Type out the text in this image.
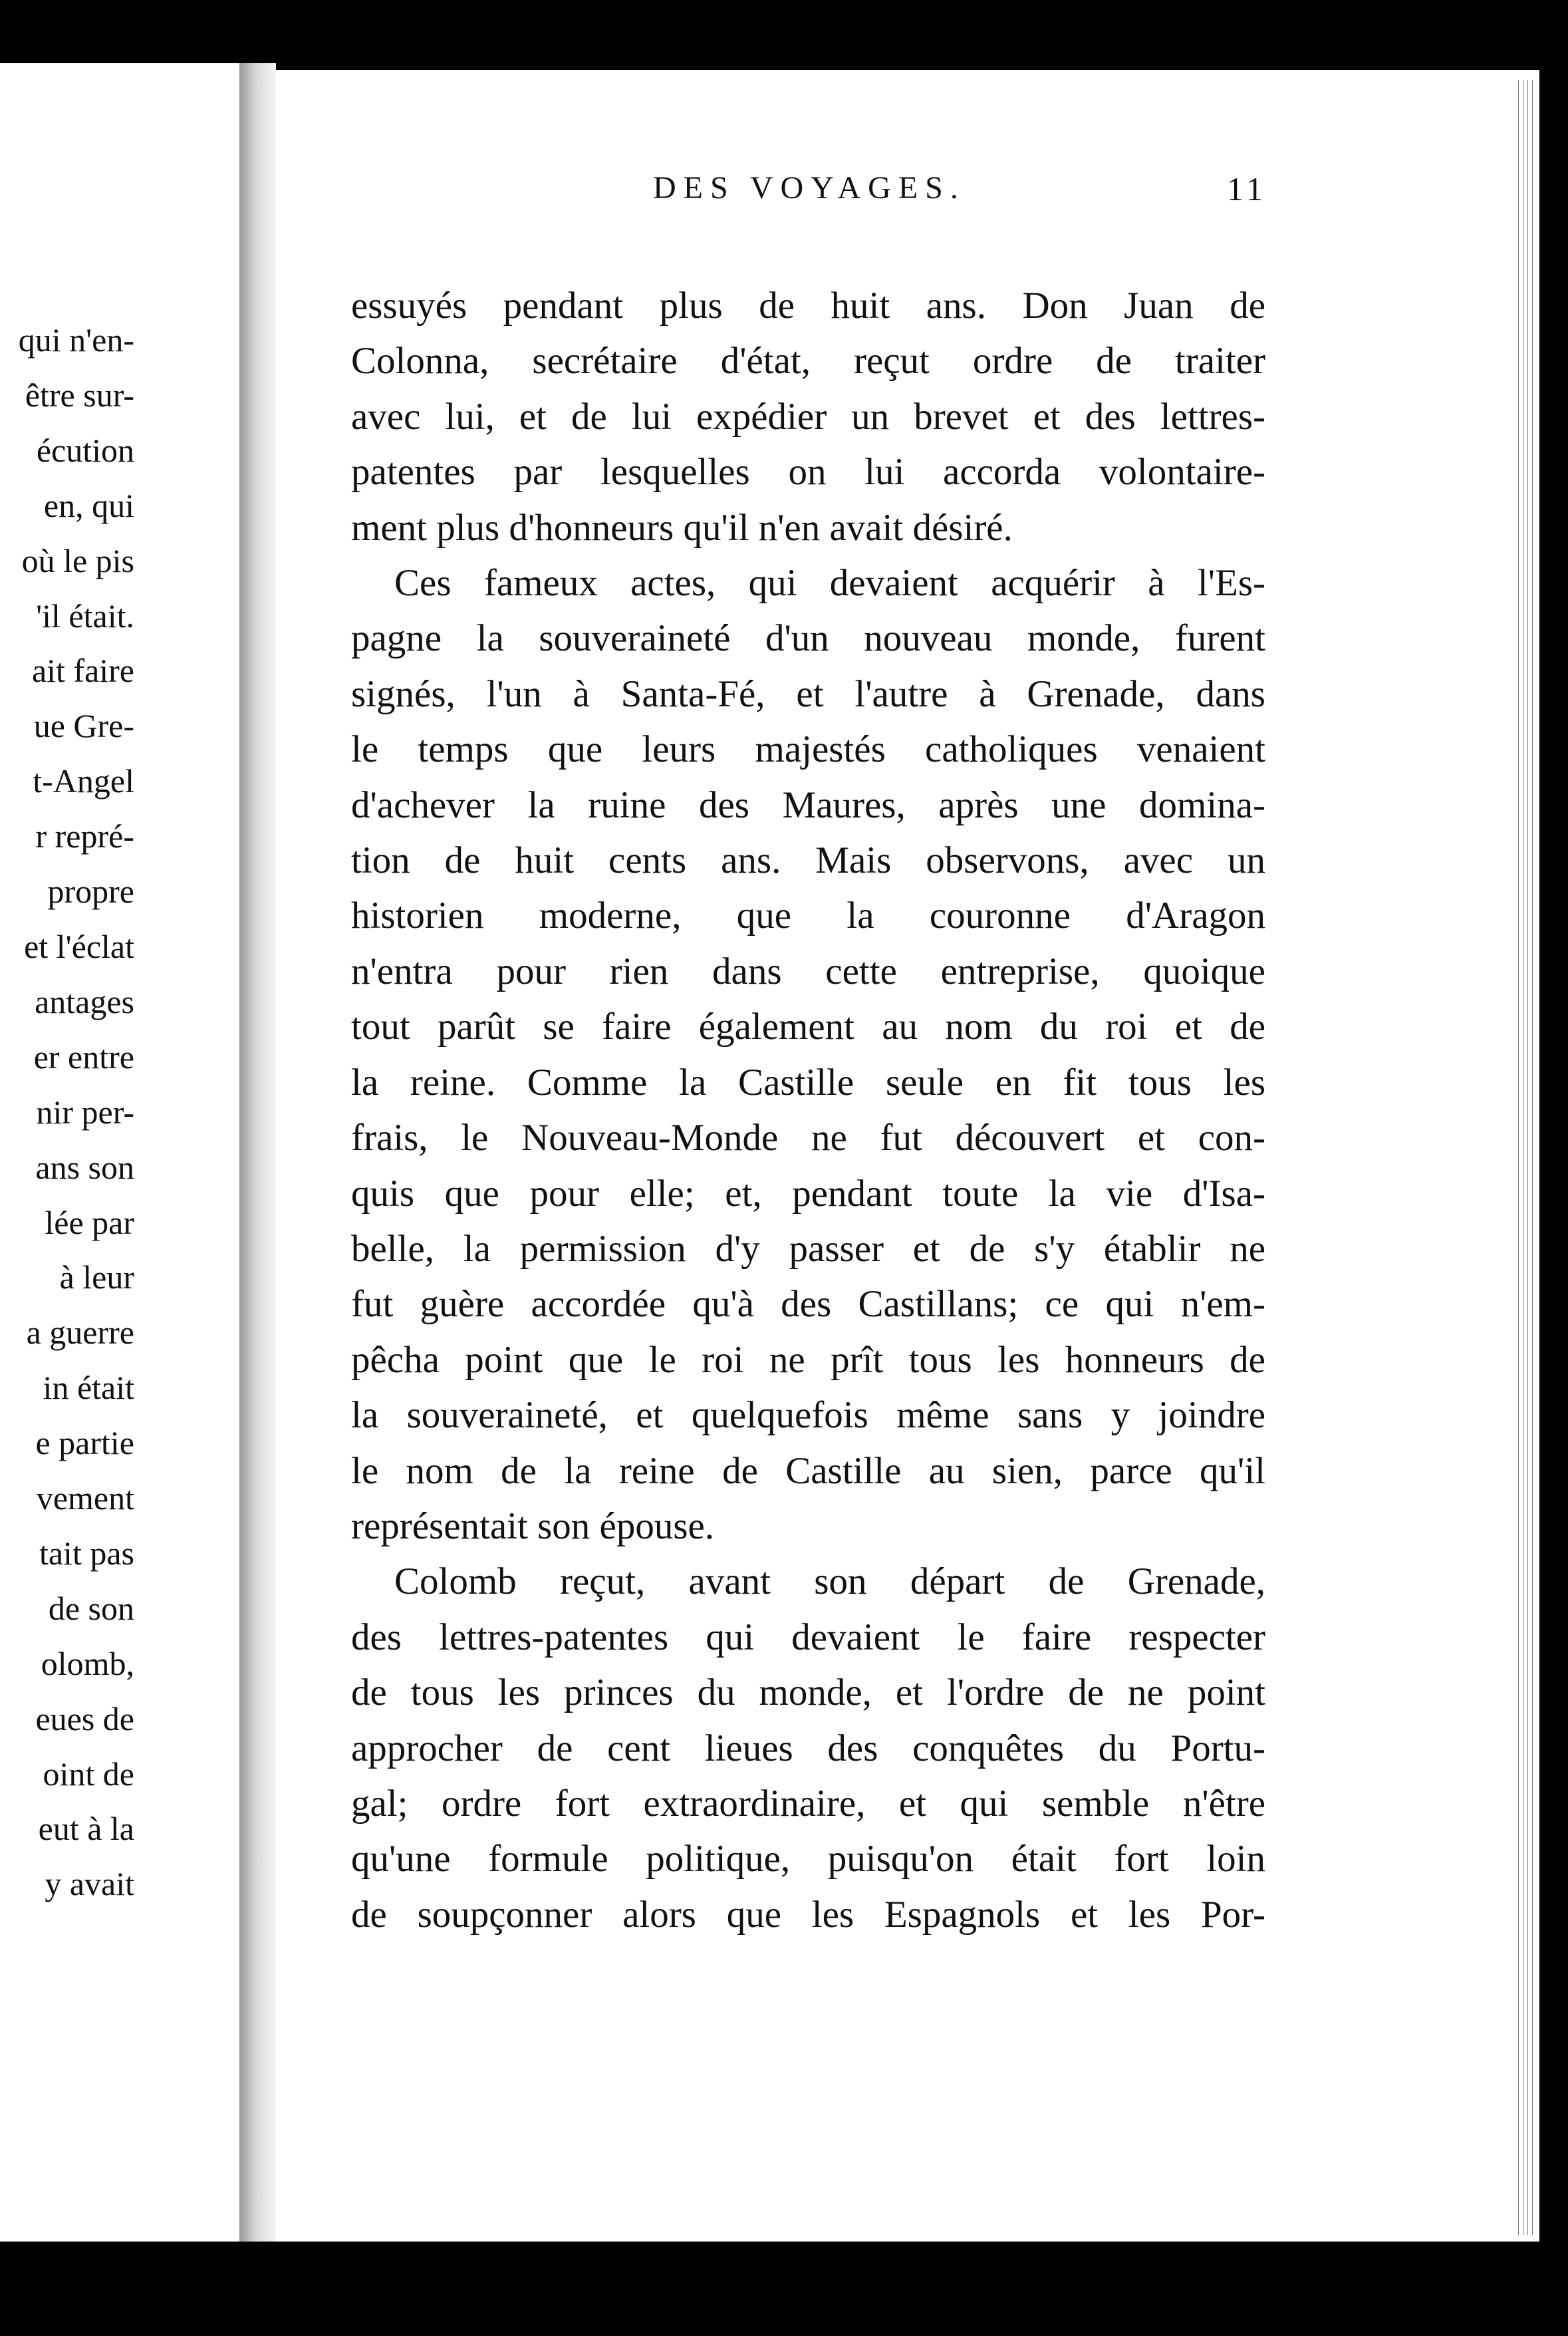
qui n'en-
être sur-
écution
en, qui
où le pis
'il était.
ait faire
ue Gre-
t-Angel
r repré-
propre
et l'éclat
antages
er entre
nir per-
ans son
lée par
à leur
a guerre
in était
e partie
vement
tait pas
de son
olomb,
eues de
oint de
eut à la
y avait
DES VOYAGES.	11
essuyés pendant plus de huit ans. Don Juan de
Colonna, secrétaire d'état, reçut ordre de traiter
avec lui, et de lui expédier un brevet et des lettres-
patentes par lesquelles on lui accorda volontaire-
ment plus d'honneurs qu'il n'en avait désiré.
Ces fameux actes, qui devaient acquérir à l'Es-
pagne la souveraineté d'un nouveau monde, furent
signés, l'un à Santa-Fé, et l'autre à Grenade, dans
le temps que leurs majestés catholiques venaient
d'achever la ruine des Maures, après une domina-
tion de huit cents ans. Mais observons, avec un
historien moderne, que la couronne d'Aragon
n'entra pour rien dans cette entreprise, quoique
tout parût se faire également au nom du roi et de
la reine. Comme la Castille seule en fit tous les
frais, le Nouveau-Monde ne fut découvert et con-
quis que pour elle; et, pendant toute la vie d'Isa-
belle, la permission d'y passer et de s'y établir ne
fut guère accordée qu'à des Castillans; ce qui n'em-
pêcha point que le roi ne prît tous les honneurs de
la souveraineté, et quelquefois même sans y joindre
le nom de la reine de Castille au sien, parce qu'il
représentait son épouse.
Colomb reçut, avant son départ de Grenade,
des lettres-patentes qui devaient le faire respecter
de tous les princes du monde, et l'ordre de ne point
approcher de cent lieues des conquêtes du Portu-
gal; ordre fort extraordinaire, et qui semble n'être
qu'une formule politique, puisqu'on était fort loin
de soupçonner alors que les Espagnols et les Por-
